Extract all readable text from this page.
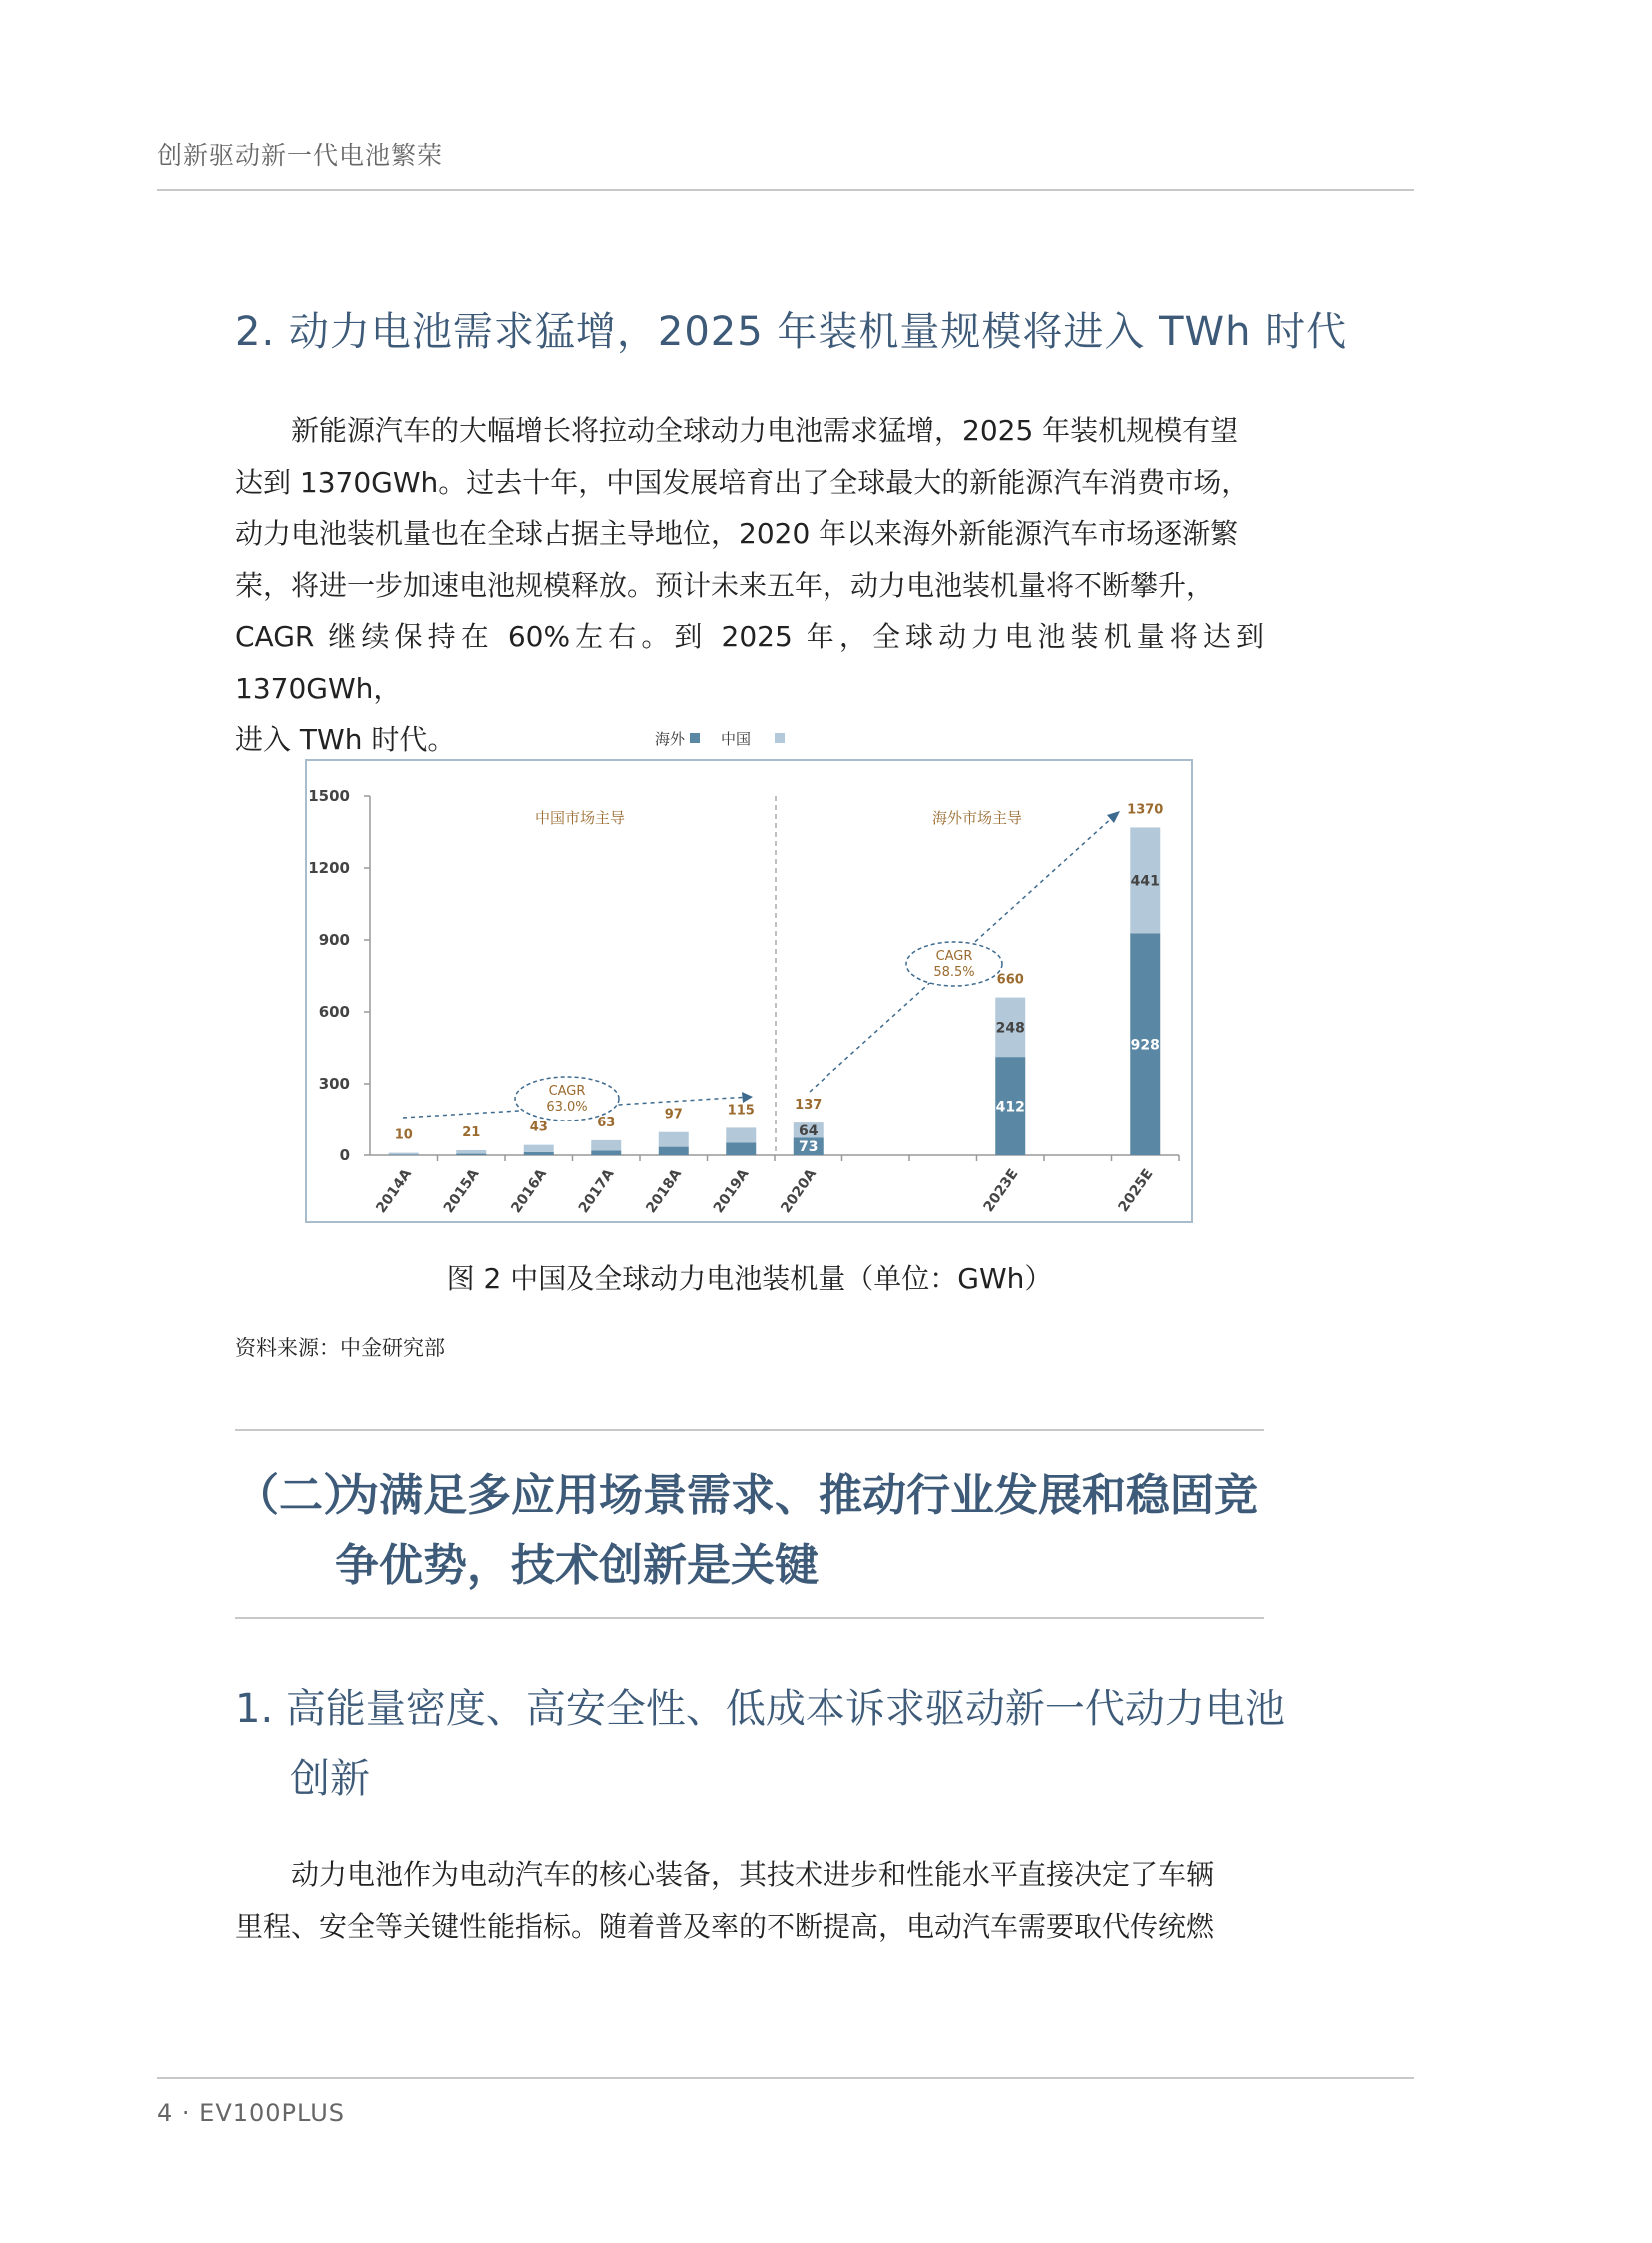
创新驱动新一代电池繁荣
2. 动力电池需求猛增，2025 年装机量规模将进入 TWh 时代

新能源汽车的大幅增长将拉动全球动力电池需求猛增，2025 年装机规模有望

达到 1370GWh。过去十年，中国发展培育出了全球最大的新能源汽车消费市场，

动力电池装机量也在全球占据主导地位，2020 年以来海外新能源汽车市场逐渐繁

荣，将进一步加速电池规模释放。预计未来五年，动力电池装机量将不断攀升，

CAGR 继续保持在 60%左右。到 2025 年，全球动力电池装机量将达到 1370GWh，

进入 TWh 时代。	海外 中国
0
300
600
900
1200
1500
中国市场主导	海外市场主导
2014A
10
2015A
21
2016A
43
2017A
63
2018A
97
2019A
115
2020A
137
73
64
2023E
660
412
248
2025E
1370
928
441
CAGR
63.0%
CAGR
58.5%
图 2 中国及全球动力电池装机量（单位：GWh）
资料来源：中金研究部
（二）为满足多应用场景需求、推动行业发展和稳固竞
争优势，技术创新是关键
1. 高能量密度、高安全性、低成本诉求驱动新一代动力电池
创新

动力电池作为电动汽车的核心装备，其技术进步和性能水平直接决定了车辆

里程、安全等关键性能指标。随着普及率的不断提高，电动汽车需要取代传统燃

4 · EV100PLUS
